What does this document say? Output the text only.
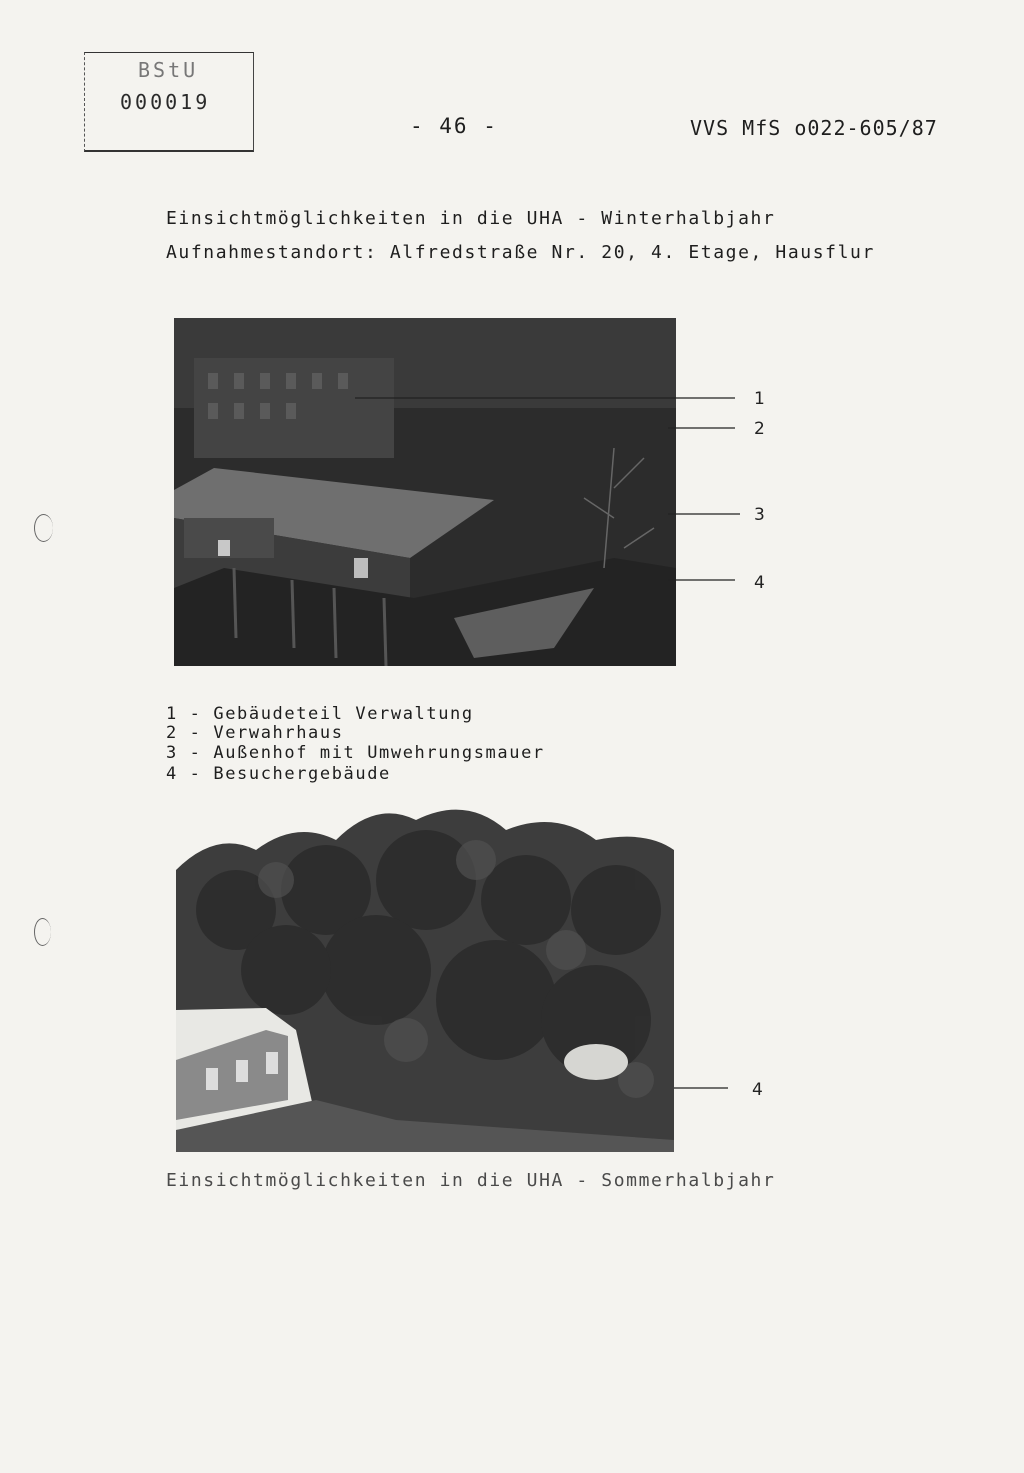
BStU
000019
- 46 -	VVS MfS o022-605/87
Einsichtmöglichkeiten in die UHA - Winterhalbjahr
Aufnahmestandort: Alfredstraße Nr. 20, 4. Etage, Hausflur
1
2
3
4
1 - Gebäudeteil Verwaltung
2 - Verwahrhaus
3 - Außenhof mit Umwehrungsmauer
4 - Besuchergebäude
4
Einsichtmöglichkeiten in die UHA - Sommerhalbjahr
